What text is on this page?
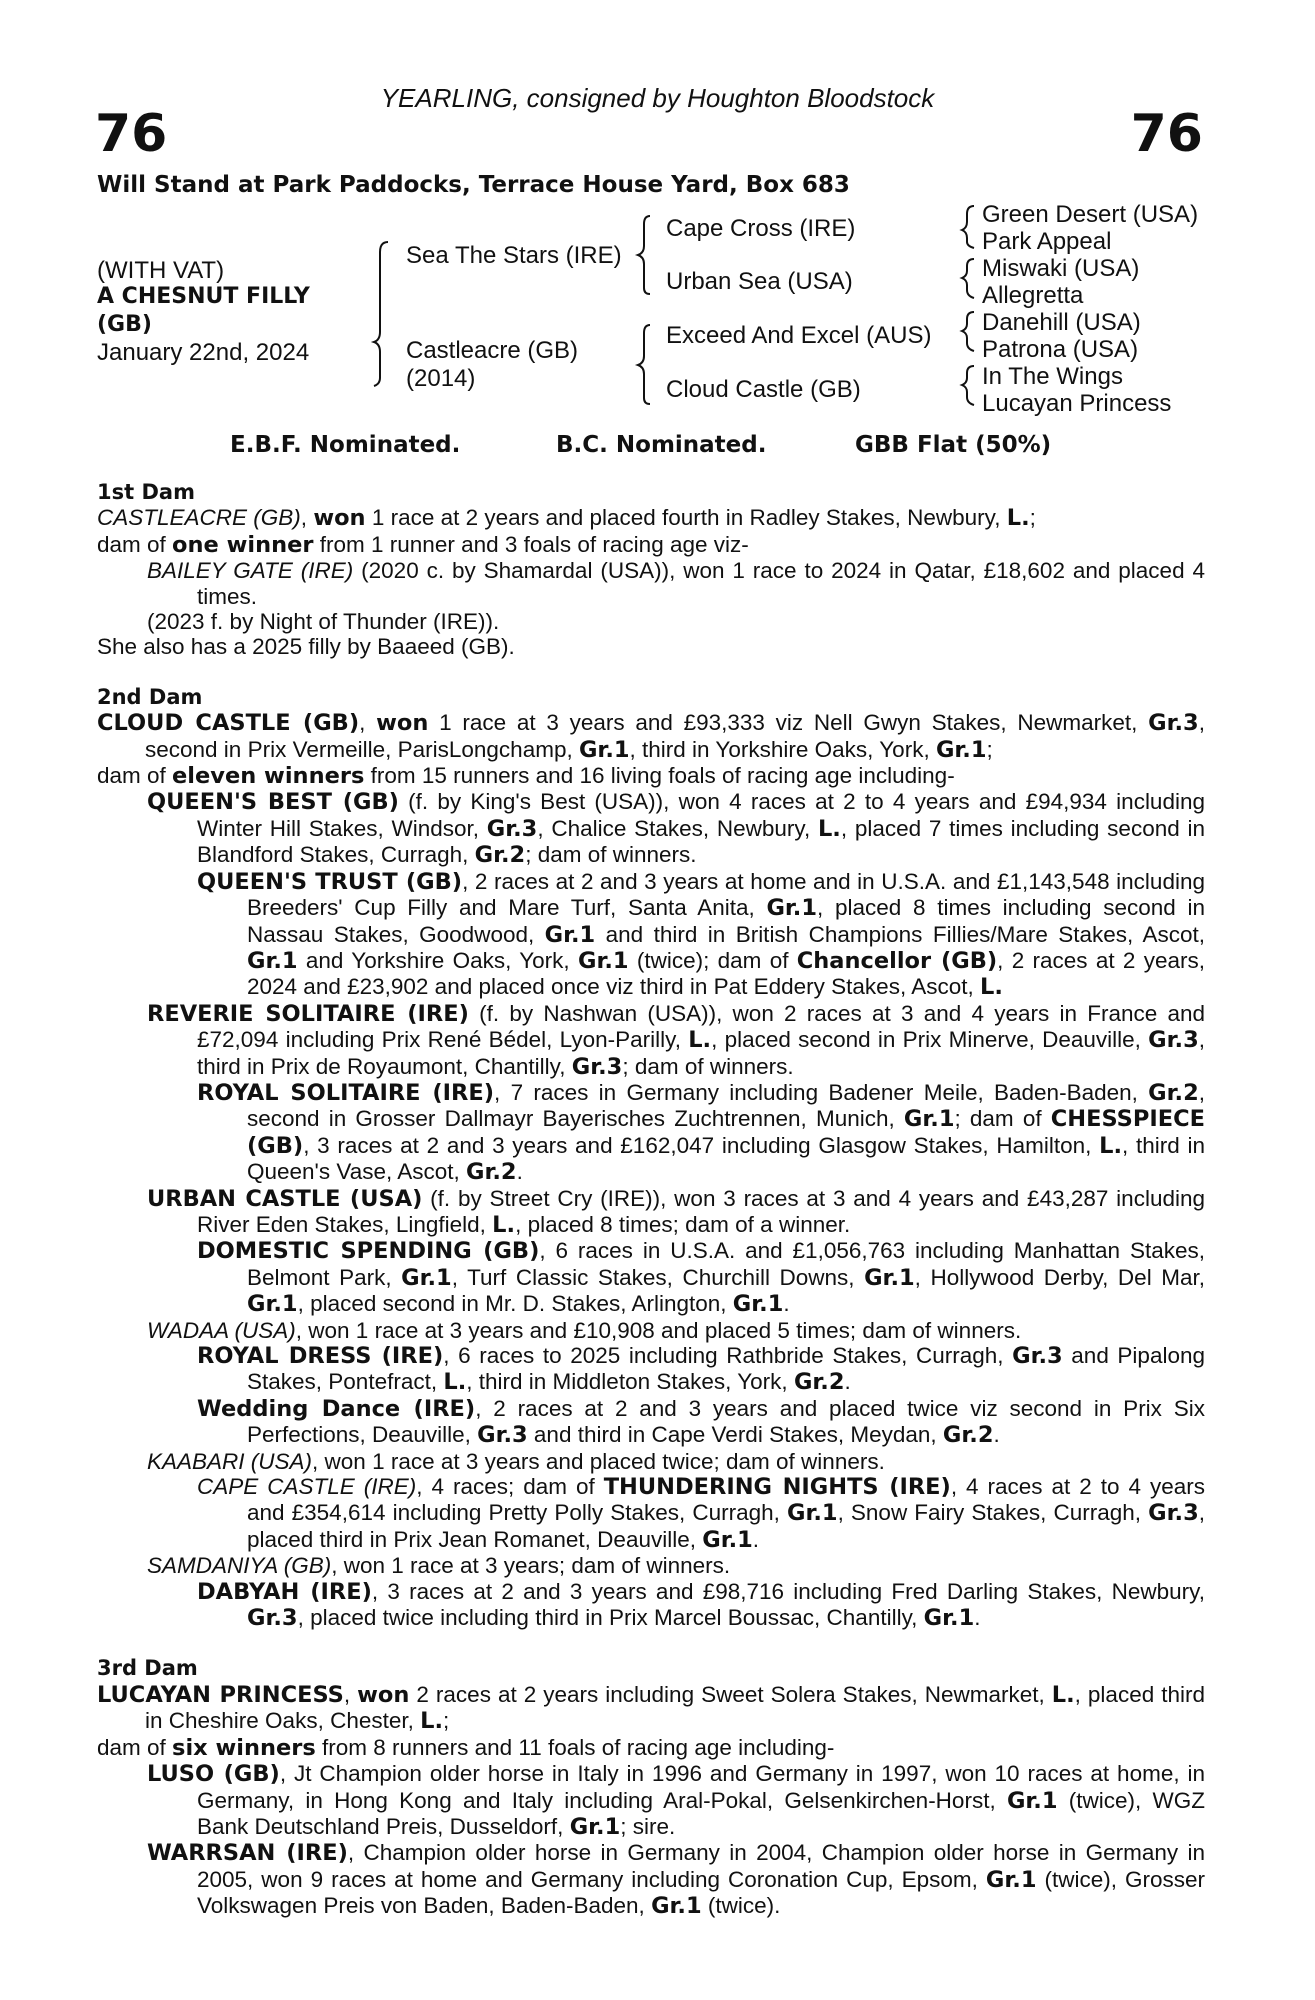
76
YEARLING, consigned by Houghton Bloodstock
76
Will Stand at Park Paddocks, Terrace House Yard, Box 683
(WITH VAT)
A CHESNUT FILLY
(GB)
January 22nd, 2024
Sea The Stars (IRE)
Castleacre (GB)
(2014)
Cape Cross (IRE)
Urban Sea (USA)
Exceed And Excel (AUS)
Cloud Castle (GB)
Green Desert (USA)
Park Appeal
Miswaki (USA)
Allegretta
Danehill (USA)
Patrona (USA)
In The Wings
Lucayan Princess
E.B.F. Nominated.	B.C. Nominated.	GBB Flat (50%)
1st Dam
CASTLEACRE (GB), won 1 race at 2 years and placed fourth in Radley Stakes, Newbury, L.;
dam of one winner from 1 runner and 3 foals of racing age viz-
BAILEY GATE (IRE) (2020 c. by Shamardal (USA)), won 1 race to 2024 in Qatar, £18,602 and placed 4 times.
(2023 f. by Night of Thunder (IRE)).
She also has a 2025 filly by Baaeed (GB).
2nd Dam
CLOUD CASTLE (GB), won 1 race at 3 years and £93,333 viz Nell Gwyn Stakes, Newmarket, Gr.3, second in Prix Vermeille, ParisLongchamp, Gr.1, third in Yorkshire Oaks, York, Gr.1;
dam of eleven winners from 15 runners and 16 living foals of racing age including-
QUEEN'S BEST (GB) (f. by King's Best (USA)), won 4 races at 2 to 4 years and £94,934 including Winter Hill Stakes, Windsor, Gr.3, Chalice Stakes, Newbury, L., placed 7 times including second in Blandford Stakes, Curragh, Gr.2; dam of winners.
QUEEN'S TRUST (GB), 2 races at 2 and 3 years at home and in U.S.A. and £1,143,548 including Breeders' Cup Filly and Mare Turf, Santa Anita, Gr.1, placed 8 times including second in Nassau Stakes, Goodwood, Gr.1 and third in British Champions Fillies/Mare Stakes, Ascot, Gr.1 and Yorkshire Oaks, York, Gr.1 (twice); dam of Chancellor (GB), 2 races at 2 years, 2024 and £23,902 and placed once viz third in Pat Eddery Stakes, Ascot, L.
REVERIE SOLITAIRE (IRE) (f. by Nashwan (USA)), won 2 races at 3 and 4 years in France and £72,094 including Prix René Bédel, Lyon-Parilly, L., placed second in Prix Minerve, Deauville, Gr.3, third in Prix de Royaumont, Chantilly, Gr.3; dam of winners.
ROYAL SOLITAIRE (IRE), 7 races in Germany including Badener Meile, Baden-Baden, Gr.2, second in Grosser Dallmayr Bayerisches Zuchtrennen, Munich, Gr.1; dam of CHESSPIECE (GB), 3 races at 2 and 3 years and £162,047 including Glasgow Stakes, Hamilton, L., third in Queen's Vase, Ascot, Gr.2.
URBAN CASTLE (USA) (f. by Street Cry (IRE)), won 3 races at 3 and 4 years and £43,287 including River Eden Stakes, Lingfield, L., placed 8 times; dam of a winner.
DOMESTIC SPENDING (GB), 6 races in U.S.A. and £1,056,763 including Manhattan Stakes, Belmont Park, Gr.1, Turf Classic Stakes, Churchill Downs, Gr.1, Hollywood Derby, Del Mar, Gr.1, placed second in Mr. D. Stakes, Arlington, Gr.1.
WADAA (USA), won 1 race at 3 years and £10,908 and placed 5 times; dam of winners.
ROYAL DRESS (IRE), 6 races to 2025 including Rathbride Stakes, Curragh, Gr.3 and Pipalong Stakes, Pontefract, L., third in Middleton Stakes, York, Gr.2.
Wedding Dance (IRE), 2 races at 2 and 3 years and placed twice viz second in Prix Six Perfections, Deauville, Gr.3 and third in Cape Verdi Stakes, Meydan, Gr.2.
KAABARI (USA), won 1 race at 3 years and placed twice; dam of winners.
CAPE CASTLE (IRE), 4 races; dam of THUNDERING NIGHTS (IRE), 4 races at 2 to 4 years and £354,614 including Pretty Polly Stakes, Curragh, Gr.1, Snow Fairy Stakes, Curragh, Gr.3, placed third in Prix Jean Romanet, Deauville, Gr.1.
SAMDANIYA (GB), won 1 race at 3 years; dam of winners.
DABYAH (IRE), 3 races at 2 and 3 years and £98,716 including Fred Darling Stakes, Newbury, Gr.3, placed twice including third in Prix Marcel Boussac, Chantilly, Gr.1.
3rd Dam
LUCAYAN PRINCESS, won 2 races at 2 years including Sweet Solera Stakes, Newmarket, L., placed third in Cheshire Oaks, Chester, L.;
dam of six winners from 8 runners and 11 foals of racing age including-
LUSO (GB), Jt Champion older horse in Italy in 1996 and Germany in 1997, won 10 races at home, in Germany, in Hong Kong and Italy including Aral-Pokal, Gelsenkirchen-Horst, Gr.1 (twice), WGZ Bank Deutschland Preis, Dusseldorf, Gr.1; sire.
WARRSAN (IRE), Champion older horse in Germany in 2004, Champion older horse in Germany in 2005, won 9 races at home and Germany including Coronation Cup, Epsom, Gr.1 (twice), Grosser Volkswagen Preis von Baden, Baden-Baden, Gr.1 (twice).
